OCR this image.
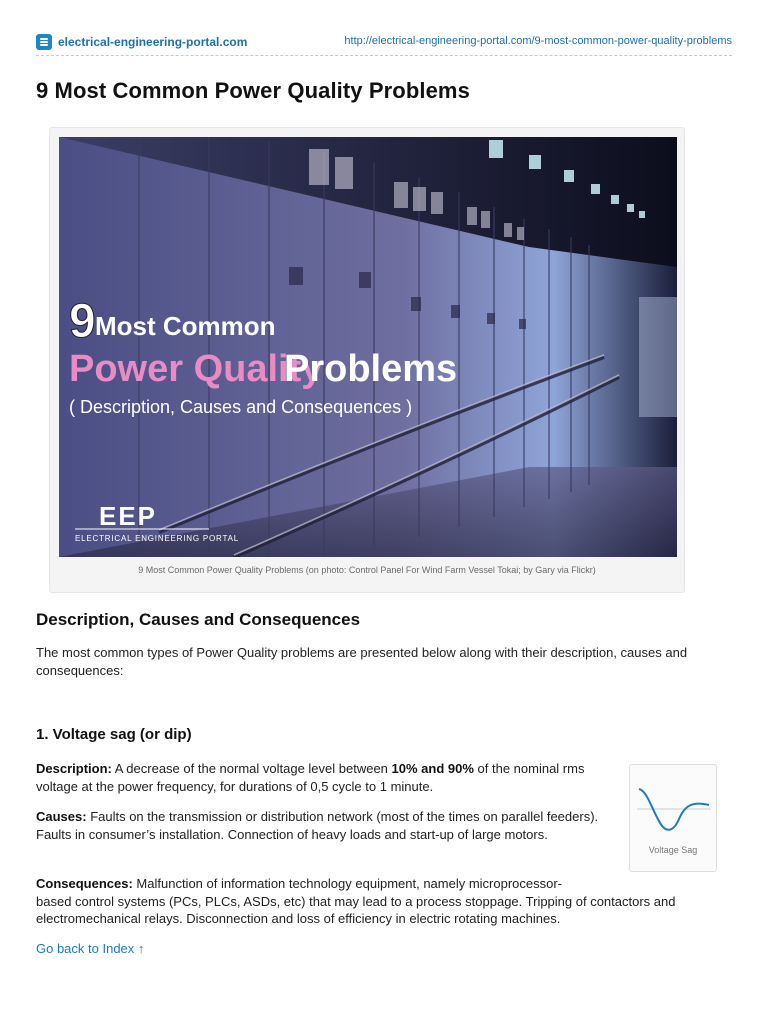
electrical-engineering-portal.com	http://electrical-engineering-portal.com/9-most-common-power-quality-problems
9 Most Common Power Quality Problems
9 Most Common
Power Quality
Problems
( Description, Causes and Consequences )
EEP
ELECTRICAL ENGINEERING PORTAL
9 Most Common Power Quality Problems (on photo: Control Panel For Wind Farm Vessel Tokai; by Gary via Flickr)
Description, Causes and Consequences

The most common types of Power Quality problems are presented below along with their description, causes and consequences:

1. Voltage sag (or dip)

Description: A decrease of the normal voltage level between 10% and 90% of the nominal rms voltage at the power frequency, for durations of 0,5 cycle to 1 minute.

Causes: Faults on the transmission or distribution network (most of the times on parallel feeders). Faults in consumer’s installation. Connection of heavy loads and start-up of large motors.

Consequences: Malfunction of information technology equipment, namely microprocessor-
based control systems (PCs, PLCs, ASDs, etc) that may lead to a process stoppage. Tripping of contactors and electromechanical relays. Disconnection and loss of efficiency in electric rotating machines.

Voltage Sag
Go back to Index ↑
